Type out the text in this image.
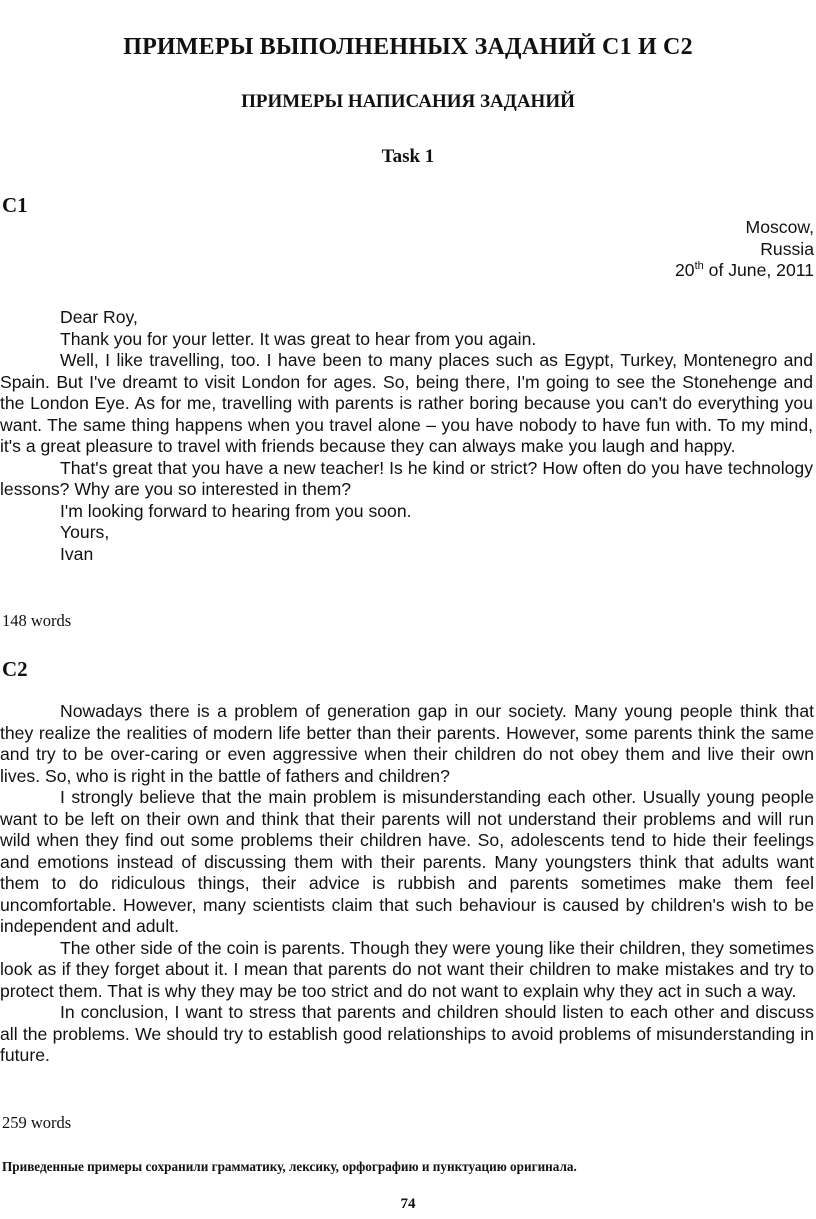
ПРИМЕРЫ ВЫПОЛНЕННЫХ ЗАДАНИЙ С1 И С2
ПРИМЕРЫ НАПИСАНИЯ ЗАДАНИЙ
Task 1
C1
Moscow,
Russia
20th of June, 2011
Dear Roy,
Thank you for your letter. It was great to hear from you again.

Well, I like travelling, too. I have been to many places such as Egypt, Turkey, Montenegro and Spain. But I've dreamt to visit London for ages. So, being there, I'm going to see the Stonehenge and the London Eye. As for me, travelling with parents is rather boring because you can't do everything you want. The same thing happens when you travel alone – you have nobody to have fun with. To my mind, it's a great pleasure to travel with friends because they can always make you laugh and happy.

That's great that you have a new teacher! Is he kind or strict? How often do you have technology lessons? Why are you so interested in them?

I'm looking forward to hearing from you soon.
Yours,
Ivan
148 words
C2

Nowadays there is a problem of generation gap in our society. Many young people think that they realize the realities of modern life better than their parents. However, some parents think the same and try to be over-caring or even aggressive when their children do not obey them and live their own lives. So, who is right in the battle of fathers and children?

I strongly believe that the main problem is misunderstanding each other. Usually young people want to be left on their own and think that their parents will not understand their problems and will run wild when they find out some problems their children have. So, adolescents tend to hide their feelings and emotions instead of discussing them with their parents. Many youngsters think that adults want them to do ridiculous things, their advice is rubbish and parents sometimes make them feel uncomfortable. However, many scientists claim that such behaviour is caused by children's wish to be independent and adult.

The other side of the coin is parents. Though they were young like their children, they sometimes look as if they forget about it. I mean that parents do not want their children to make mistakes and try to protect them. That is why they may be too strict and do not want to explain why they act in such a way.

In conclusion, I want to stress that parents and children should listen to each other and discuss all the problems. We should try to establish good relationships to avoid problems of misunderstanding in future.

259 words
Приведенные примеры сохранили грамматику, лексику, орфографию и пунктуацию оригинала.
74
